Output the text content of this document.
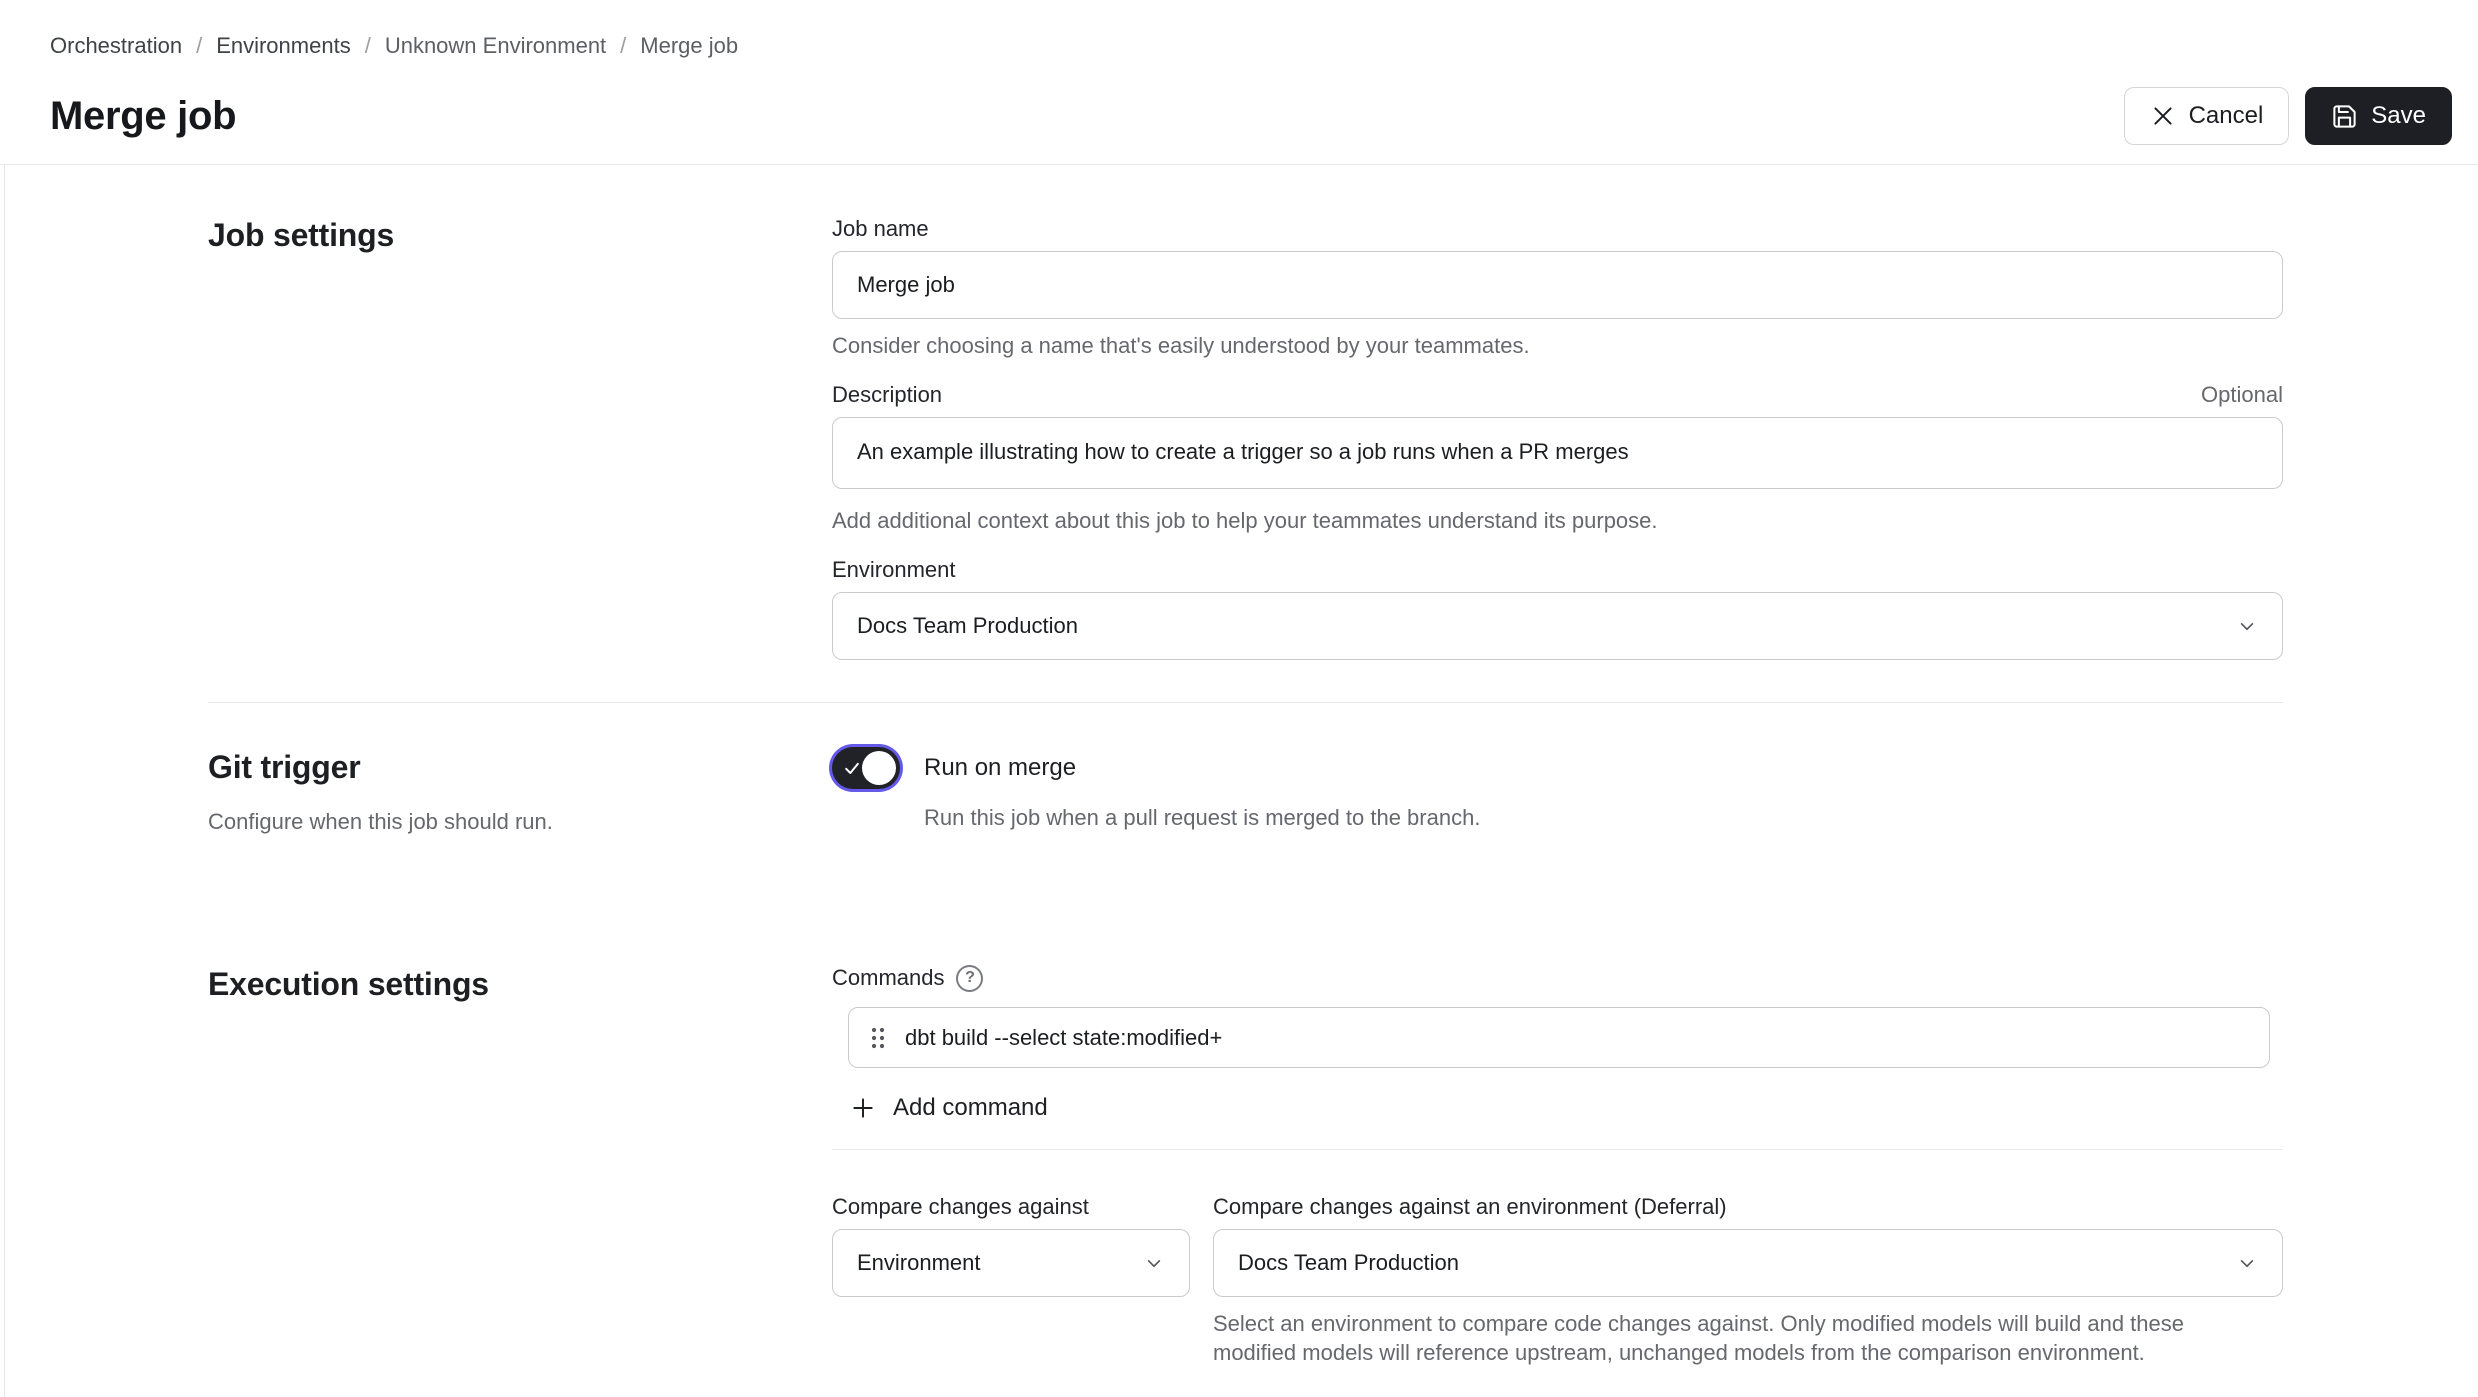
Orchestration / Environments / Unknown Environment / Merge job
Merge job	Cancel	Save
Job settings	Job name
Merge job
Consider choosing a name that's easily understood by your teammates.
Description	Optional
An example illustrating how to create a trigger so a job runs when a PR merges
Add additional context about this job to help your teammates understand its purpose.
Environment
Docs Team Production
Git trigger

Configure when this job should run.

Run on merge
Run this job when a pull request is merged to the branch.
Execution settings	Commands	?
dbt build --select state:modified+
Add command
Compare changes against
Environment
Compare changes against an environment (Deferral)
Docs Team Production
Select an environment to compare code changes against. Only modified models will build and these modified models will reference upstream, unchanged models from the comparison environment.
